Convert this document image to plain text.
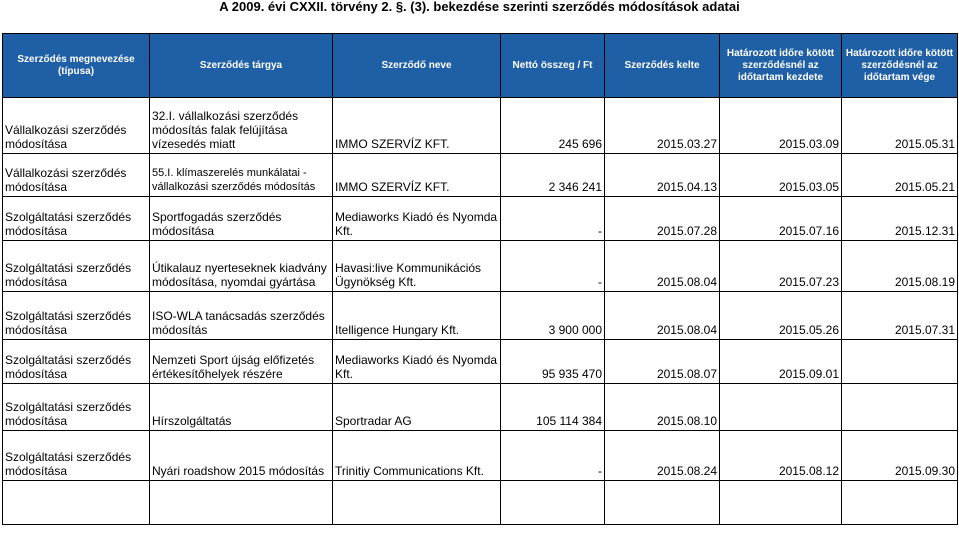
A 2009. évi CXXII. törvény 2. §. (3). bekezdése szerinti szerződés módosítások adatai
Szerződés megnevezése (típusa)	Szerződés tárgya	Szerződő neve	Nettó összeg / Ft	Szerződés kelte	Határozott időre kötött szerződésnél az időtartam kezdete	Határozott időre kötött szerződésnél az időtartam vége
Vállalkozási szerződés módosítása	32.I. vállalkozási szerződés módosítás falak felújítása vízesedés miatt	IMMO SZERVÍZ KFT.	245 696	2015.03.27	2015.03.09	2015.05.31
Vállalkozási szerződés módosítása	55.I. klímaszerelés munkálatai - vállalkozási szerződés módosítás	IMMO SZERVÍZ KFT.	2 346 241	2015.04.13	2015.03.05	2015.05.21
Szolgáltatási szerződés módosítása	Sportfogadás szerződés módosítása	Mediaworks Kiadó és Nyomda Kft.	-	2015.07.28	2015.07.16	2015.12.31
Szolgáltatási szerződés módosítása	Útikalauz nyerteseknek kiadvány módosítása, nyomdai gyártása	Havasi:live Kommunikációs Ügynökség Kft.	-	2015.08.04	2015.07.23	2015.08.19
Szolgáltatási szerződés módosítása	ISO-WLA tanácsadás szerződés módosítás	Itelligence Hungary Kft.	3 900 000	2015.08.04	2015.05.26	2015.07.31
Szolgáltatási szerződés módosítása	Nemzeti Sport újság előfizetés értékesítőhelyek részére	Mediaworks Kiadó és Nyomda Kft.	95 935 470	2015.08.07	2015.09.01	
Szolgáltatási szerződés módosítása	Hírszolgáltatás	Sportradar AG	105 114 384	2015.08.10		
Szolgáltatási szerződés módosítása	Nyári roadshow 2015 módosítás	Trinitiy Communications Kft.	-	2015.08.24	2015.08.12	2015.09.30
